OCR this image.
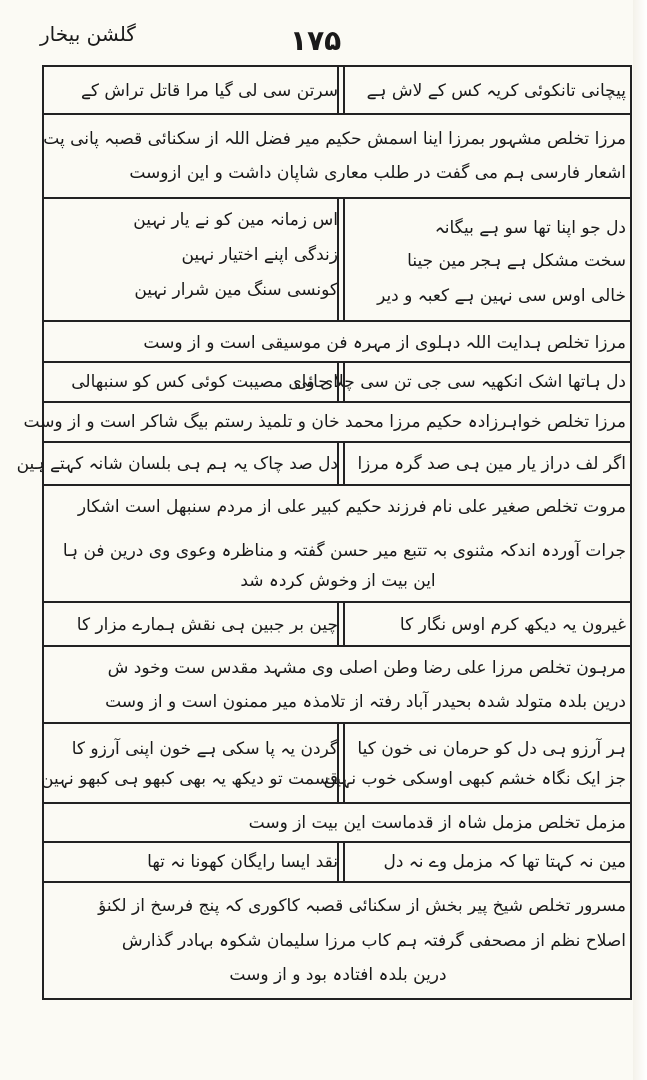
گلشن بیخار	۱۷۵
پیچانی تانکوئی کریہ کس کے لاش ہے
سرتن سی لی گیا مرا قاتل تراش کے
مرزا تخلص مشہور بمرزا اینا اسمش حکیم میر فضل اللہ از سکنائی قصبہ پانی پت
اشعار فارسی ہم می گفت در طلب معاری شاپان داشت و این ازوست
دل جو اپنا تھا سو ہے بیگانہ
سخت مشکل ہے ہجر مین جینا
خالی اوس سی نہین ہے کعبہ و دیر
اس زمانہ مین کو نے یار نہین
زندگی اپنے اختیار نہین
کونسی سنگ مین شرار نہین
مرزا تخلص ہدایت اللہ دہلوی از مہرہ فن موسیقی است و از وست
دل ہاتھا اشک انکھیہ سی جی تن سی چلا جائی
ای وای مصیبت کوئی کس کو سنبھالی
مرزا تخلص خواہرزادہ حکیم مرزا محمد خان و تلمیذ رستم بیگ شاکر است و از وست
اگر لف دراز یار مین ہی صد گرہ مرزا
دل صد چاک یہ ہم ہی بلسان شانہ کہتے ہین
مروت تخلص صغیر علی نام فرزند حکیم کبیر علی از مردم سنبھل است اشکار
جرات آوردہ اندکہ مثنوی بہ تتبع میر حسن گفتہ و مناظرہ وعوی وی درین فن ہا
این بیت از وخوش کردہ شد
غیرون یہ دیکھ کرم اوس نگار کا
چین بر جبین ہی نقش ہمارے مزار کا
مرہون تخلص مرزا علی رضا وطن اصلی وی مشہد مقدس ست وخود ش
درین بلدہ متولد شدہ بحیدر آباد رفتہ از تلامذہ میر ممنون است و از وست
ہر آرزو ہی دل کو حرمان نی خون کیا
جز ایک نگاہ خشم کبھی اوسکی خوب نہین
گردن یہ پا سکی ہے خون اپنی آرزو کا
قسمت تو دیکھ یہ بھی کبھو ہی کبھو نہین
مزمل تخلص مزمل شاہ از قدماست این بیت از وست
مین نہ کہتا تھا کہ مزمل وے نہ دل
نقد ایسا رایگان کھونا نہ تھا
مسرور تخلص شیخ پیر بخش از سکنائی قصبہ کاکوری کہ پنج فرسخ از لکنؤ
اصلاح نظم از مصحفی گرفتہ ہم کاب مرزا سلیمان شکوہ بہادر گذارش
درین بلدہ افتادہ بود و از وست
